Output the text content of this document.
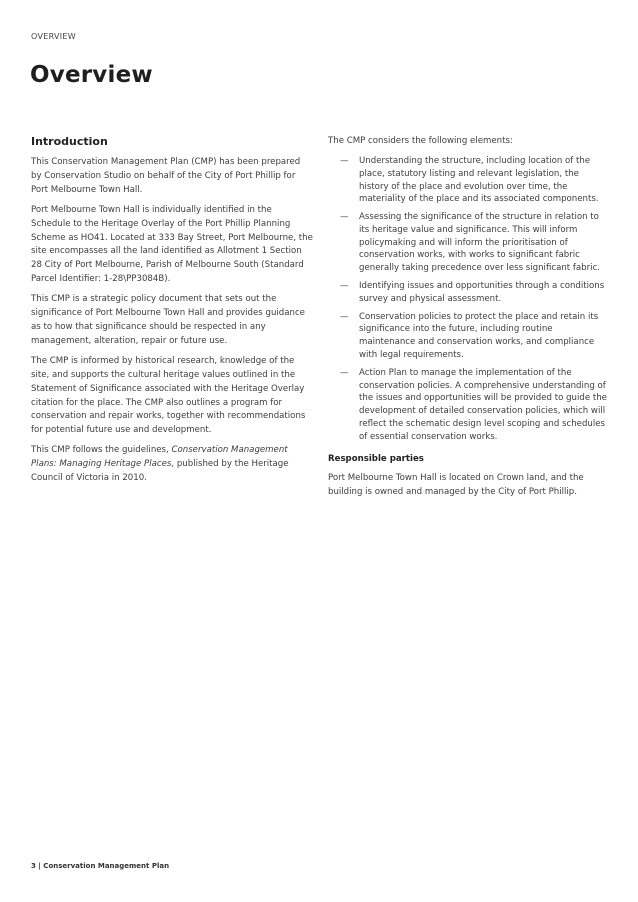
OVERVIEW
Overview
Introduction

This Conservation Management Plan (CMP) has been prepared by Conservation Studio on behalf of the City of Port Phillip for Port Melbourne Town Hall.

Port Melbourne Town Hall is individually identified in the Schedule to the Heritage Overlay of the Port Phillip Planning Scheme as HO41. Located at 333 Bay Street, Port Melbourne, the site encompasses all the land identified as Allotment 1 Section 28 City of Port Melbourne, Parish of Melbourne South (Standard Parcel Identifier: 1-28\PP3084B).

This CMP is a strategic policy document that sets out the significance of Port Melbourne Town Hall and provides guidance as to how that significance should be respected in any management, alteration, repair or future use.

The CMP is informed by historical research, knowledge of the site, and supports the cultural heritage values outlined in the Statement of Significance associated with the Heritage Overlay citation for the place. The CMP also outlines a program for conservation and repair works, together with recommendations for potential future use and development.

This CMP follows the guidelines, Conservation Management Plans: Managing Heritage Places, published by the Heritage Council of Victoria in 2010.

The CMP considers the following elements:

— Understanding the structure, including location of the place, statutory listing and relevant legislation, the history of the place and evolution over time, the materiality of the place and its associated components.
— Assessing the significance of the structure in relation to its heritage value and significance. This will inform policymaking and will inform the prioritisation of conservation works, with works to significant fabric generally taking precedence over less significant fabric.
— Identifying issues and opportunities through a conditions survey and physical assessment.
— Conservation policies to protect the place and retain its significance into the future, including routine maintenance and conservation works, and compliance with legal requirements.
— Action Plan to manage the implementation of the conservation policies. A comprehensive understanding of the issues and opportunities will be provided to guide the development of detailed conservation policies, which will reflect the schematic design level scoping and schedules of essential conservation works.
Responsible parties

Port Melbourne Town Hall is located on Crown land, and the building is owned and managed by the City of Port Phillip.

3 | Conservation Management Plan
